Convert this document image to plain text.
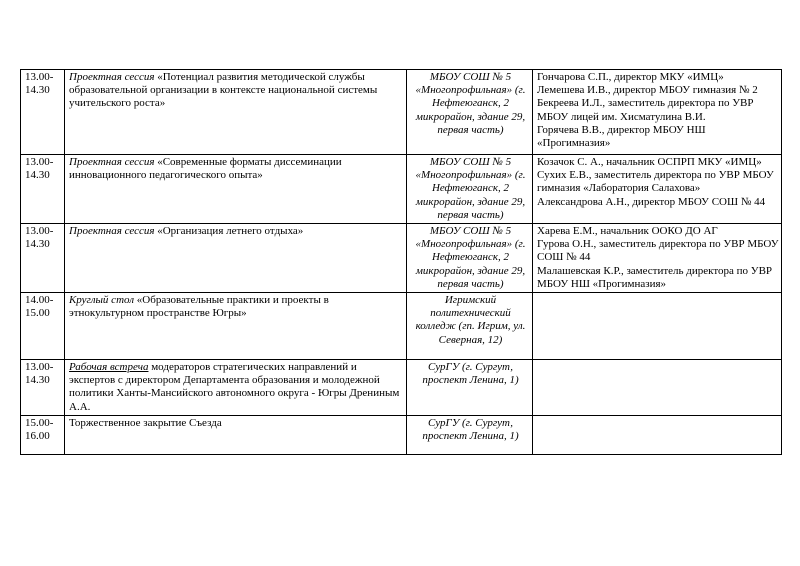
13.00-
14.30	Проектная сессия «Потенциал развития методической службы образовательной организации в контексте национальной системы учительского роста»	МБОУ СОШ № 5 «Многопрофильная» (г. Нефтеюганск, 2 микрорайон, здание 29, первая часть)	Гончарова С.П., директор МКУ «ИМЦ»
Лемешева И.В., директор МБОУ гимназия № 2
Бекреева И.Л., заместитель директора по УВР МБОУ лицей им. Хисматулина В.И.
Горячева В.В., директор МБОУ НШ «Прогимназия»

13.00-
14.30	Проектная сессия «Современные форматы диссеминации инновационного педагогического опыта»	МБОУ СОШ № 5 «Многопрофильная» (г. Нефтеюганск, 2 микрорайон, здание 29, первая часть)	Козачок С. А., начальник ОСПРП МКУ «ИМЦ»
Сухих Е.В., заместитель директора по УВР МБОУ гимназия «Лаборатория Салахова»
Александрова А.Н., директор МБОУ СОШ № 44

13.00-
14.30	Проектная сессия «Организация летнего отдыха»	МБОУ СОШ № 5 «Многопрофильная» (г. Нефтеюганск, 2 микрорайон, здание 29, первая часть)	Харева Е.М., начальник ООКО ДО АГ
Гурова О.Н., заместитель директора по УВР МБОУ СОШ № 44
Малашевская К.Р., заместитель директора по УВР МБОУ НШ «Прогимназия»

14.00-
15.00	Круглый стол «Образовательные практики и проекты в этнокультурном пространстве Югры»	Игримский политехнический колледж (гп. Игрим, ул. Северная, 12)	
13.00-
14.30	Рабочая встреча модераторов стратегических направлений и экспертов с директором Департамента образования и молодежной политики Ханты-Мансийского автономного округа - Югры Дрениным А.А.	СурГУ (г. Сургут, проспект Ленина, 1)	
15.00-
16.00	Торжественное закрытие Съезда	СурГУ (г. Сургут, проспект Ленина, 1)	
